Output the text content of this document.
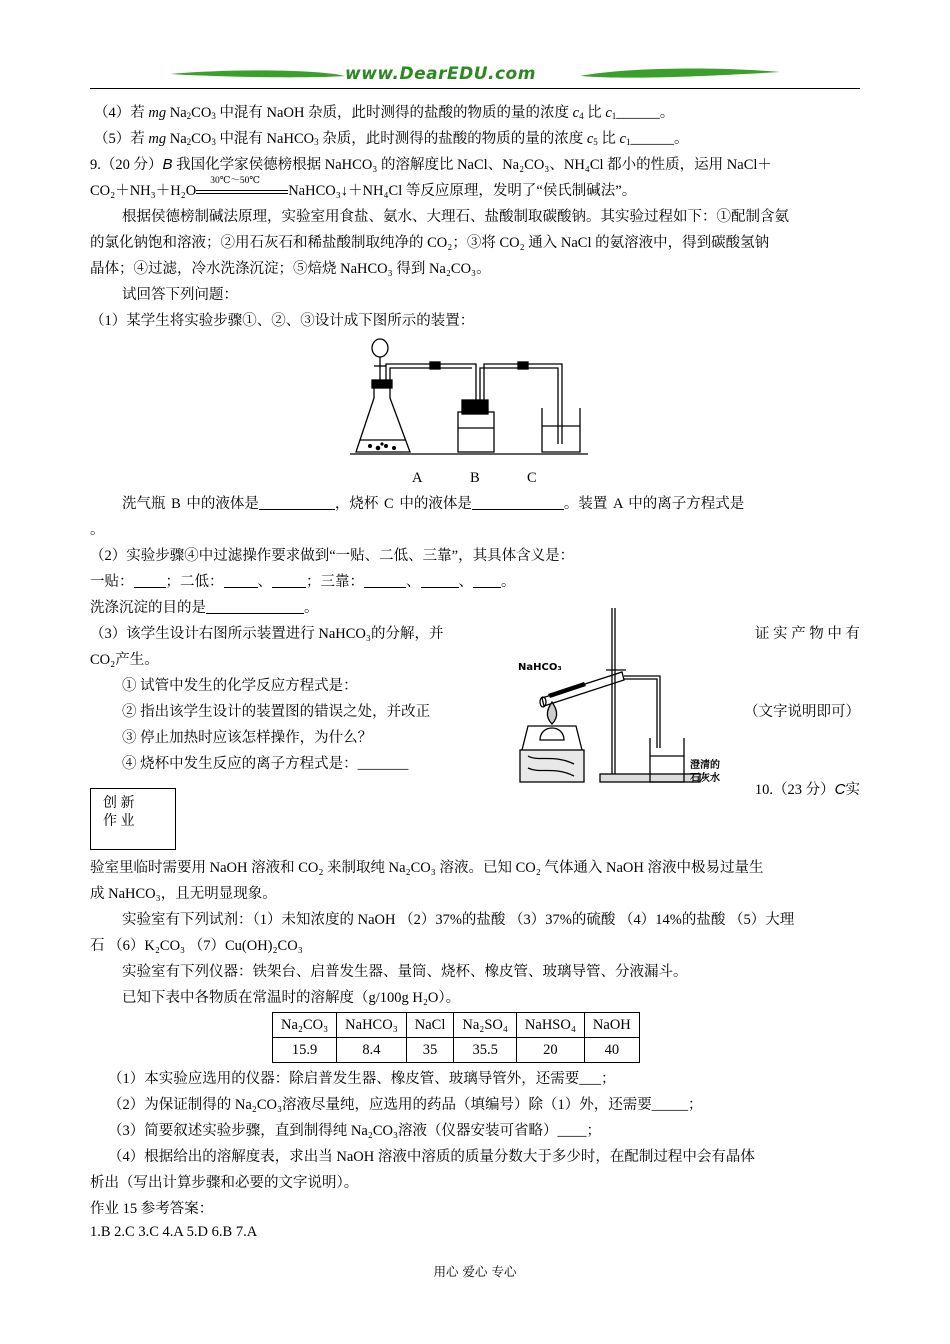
www.DearEDU.com
（4）若 mg $Na_2CO_3$ 中混有 NaOH 杂质，此时测得的盐酸的物质的量的浓度 $c_4$ 比 $c_1\_\_\_\_\_\_$。
（5）若 mg $Na_2CO_3$ 中混有 NaHCO$_3$ 杂质，此时测得的盐酸的物质的量的浓度 $c_5$ 比 $c_1\_\_\_\_\_\_$。
9.（20 分）B 我国化学家侯德榜根据 NaHCO₃ 的溶解度比 NaCl、Na₂CO₃、NH₄Cl 都小的性质，运用 NaCl＋
CO₂＋NH₃＋H₂O
30℃～50℃
NaHCO₃↓＋NH₄Cl 等反应原理，发明了“侯氏制碱法”。
根据侯德榜制碱法原理，实验室用食盐、氨水、大理石、盐酸制取碳酸钠。其实验过程如下：①配制含氨
的氯化钠饱和溶液；②用石灰石和稀盐酸制取纯净的 CO₂；③将 CO₂ 通入 NaCl 的氨溶液中，得到碳酸氢钠
晶体；④过滤，冷水洗涤沉淀；⑤焙烧 NaHCO₃ 得到 Na₂CO₃。
试回答下列问题：
（1）某学生将实验步骤①、②、③设计成下图所示的装置：
A	B	C
洗气瓶 B 中的液体是	，烧杯 C 中的液体是	。装置 A 中的离子方程式是
。
（2）实验步骤④中过滤操作要求做到“一贴、二低、三靠”，其具体含义是：
一贴： ；二低： 、 ；三靠：	、	、 。
洗涤沉淀的目的是	。
（3）该学生设计右图所示装置进行 NaHCO₃的分解，并	证 实 产 物 中 有
CO₂产生。
① 试管中发生的化学反应方程式是：
② 指出该学生设计的装置图的错误之处，并改正	（文字说明即可）
③ 停止加热时应该怎样操作，为什么？
④ 烧杯中发生反应的离子方程式是：_______
NaHCO₃
澄清的
石灰水
创 新
作 业
10.（23 分）C实
验室里临时需要用 NaOH 溶液和 CO₂ 来制取纯 Na₂CO₃ 溶液。已知 CO₂ 气体通入 NaOH 溶液中极易过量生
成 NaHCO₃，且无明显现象。
实验室有下列试剂：（1）未知浓度的 NaOH （2）37%的盐酸 （3）37%的硫酸 （4）14%的盐酸 （5）大理
石 （6）K₂CO₃ （7）Cu(OH)₂CO₃
实验室有下列仪器：铁架台、启普发生器、量筒、烧杯、橡皮管、玻璃导管、分液漏斗。
已知下表中各物质在常温时的溶解度（g/100g H₂O）。
Na₂CO₃	NaHCO₃	NaCl	Na₂SO₄	NaHSO₄	NaOH
15.9	8.4	35	35.5	20	40
（1）本实验应选用的仪器：除启普发生器、橡皮管、玻璃导管外，还需要___；
（2）为保证制得的 Na₂CO₃溶液尽量纯，应选用的药品（填编号）除（1）外，还需要_____；
（3）简要叙述实验步骤，直到制得纯 Na₂CO₃溶液（仪器安装可省略）____；
（4）根据给出的溶解度表，求出当 NaOH 溶液中溶质的质量分数大于多少时，在配制过程中会有晶体
析出（写出计算步骤和必要的文字说明）。
作业 15 参考答案：
1.B 2.C 3.C 4.A 5.D 6.B 7.A
用心 爱心 专心
